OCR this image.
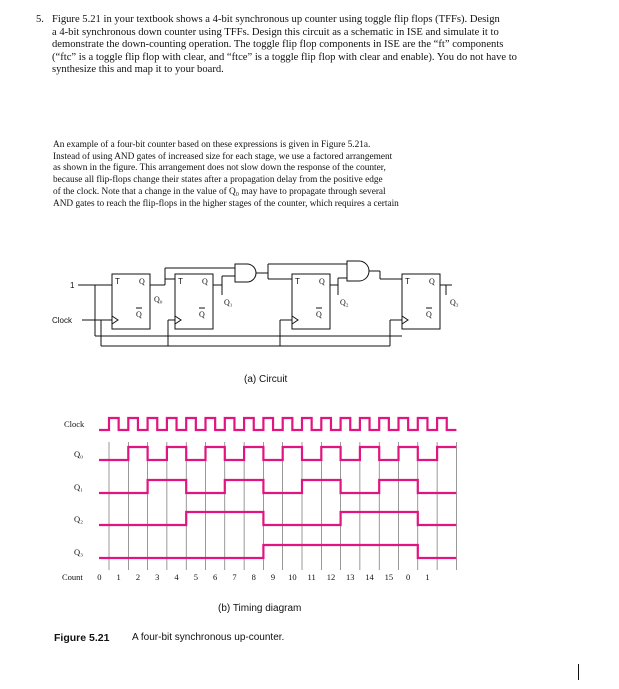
5. Figure 5.21 in your textbook shows a 4-bit synchronous up counter using toggle flip flops (TFFs). Design
a 4-bit synchronous down counter using TFFs. Design this circuit as a schematic in ISE and simulate it to
demonstrate the down-counting operation. The toggle flip flop components in ISE are the “ft” components
(“ftc” is a toggle flip flop with clear, and “ftce” is a toggle flip flop with clear and enable). You do not have to
synthesize this and map it to your board.
An example of a four-bit counter based on these expressions is given in Figure 5.21a.
Instead of using AND gates of increased size for each stage, we use a factored arrangement
as shown in the figure. This arrangement does not slow down the response of the counter,
because all flip-flops change their states after a propagation delay from the positive edge
of the clock. Note that a change in the value of Q₀ may have to propagate through several
AND gates to reach the flip-flops in the higher stages of the counter, which requires a certain
1
Clock
T	T	T	T
Q	Q	Q	Q
Q	Q	Q	Q
Q₀	Q₁	Q₂	Q₃
(a) Circuit
Clock
Q₀
Q₁
Q₂
Q₃
Count 0 1 2 3 4 5 6 7 8 9 10 11 12 13 14 15 0 1
(b) Timing diagram
Figure 5.21 A four-bit synchronous up-counter.
